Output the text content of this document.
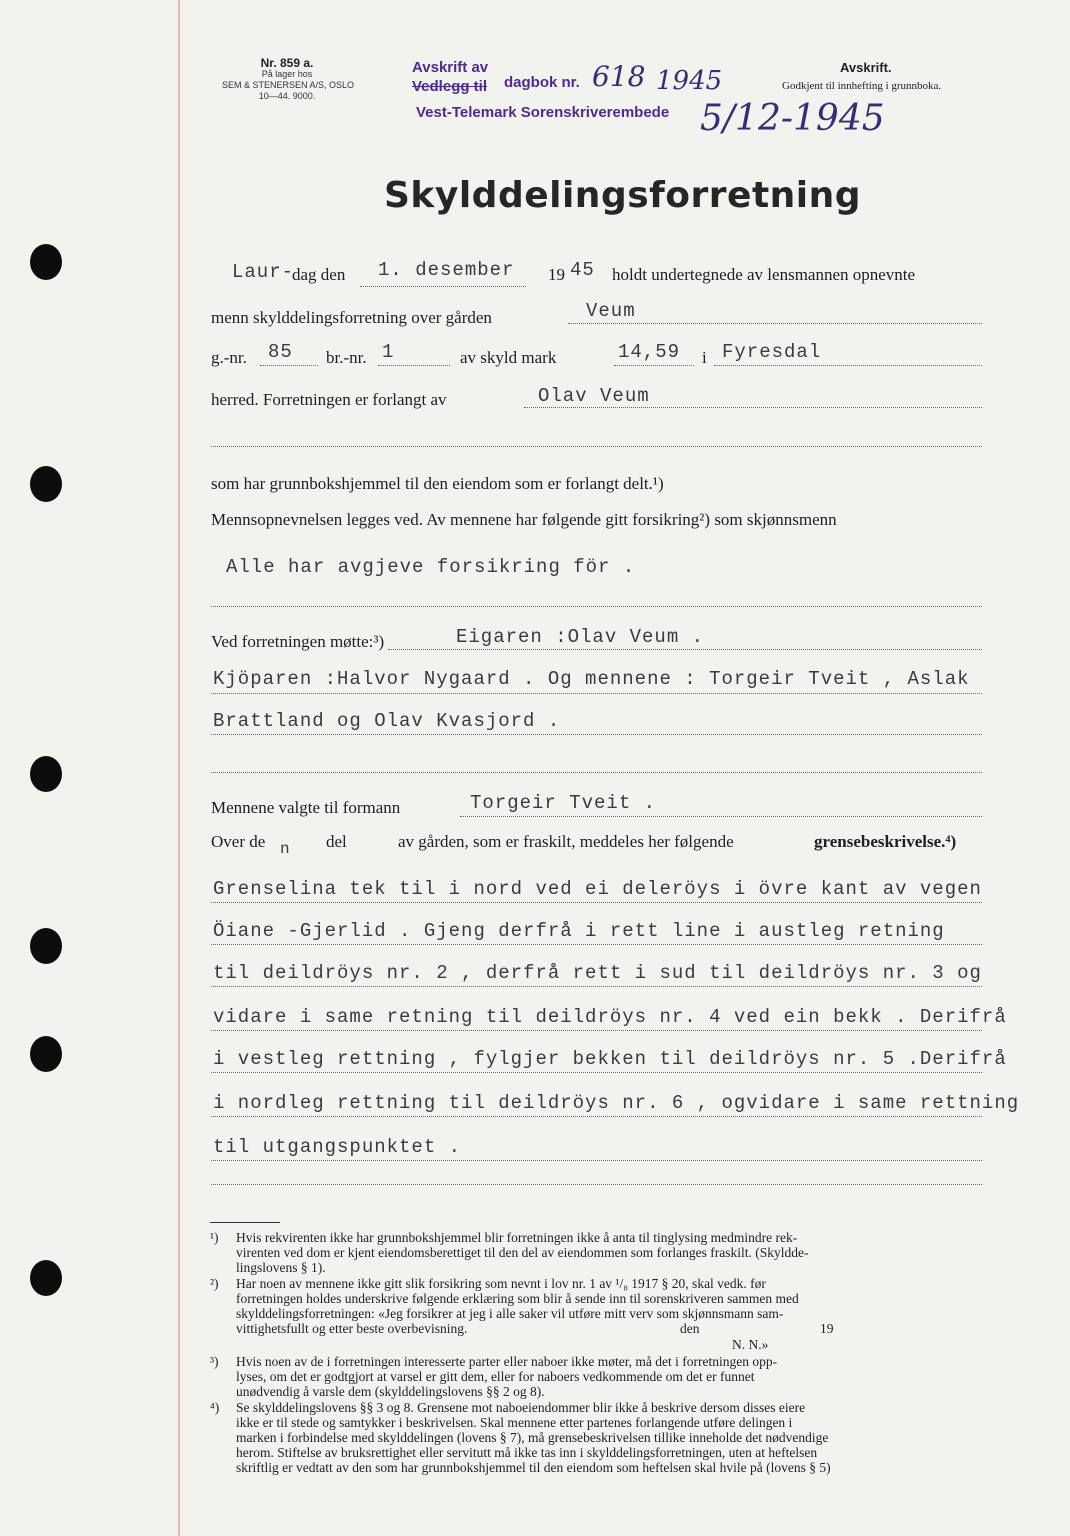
Nr. 859 a.
På lager hos
SEM & STENERSEN A/S, OSLO
10—44. 9000.
Avskrift av
Vedlegg til dagbok nr. 618 1945
Vest-Telemark Sorenskriverembede 5/12-1945
Avskrift.
Godkjent til innhefting i grunnboka.
Skylddelingsforretning
Laur-
dag den 1. desember 19 45 holdt undertegnede av lensmannen opnevnte
menn skylddelingsforretning over gården	Veum
g.-nr. 85 br.-nr. 1	av skyld mark	14,59 i Fyresdal
herred. Forretningen er forlangt av	Olav Veum
som har grunnbokshjemmel til den eiendom som er forlangt delt.¹)
Mennsopnevnelsen legges ved. Av mennene har følgende gitt forsikring²) som skjønnsmenn
Alle har avgjeve forsikring för .
Ved forretningen møtte:³)	Eigaren :Olav Veum .
Kjöparen :Halvor Nygaard . Og mennene : Torgeir Tveit , Aslak
Brattland og Olav Kvasjord .
Mennene valgte til formann	Torgeir Tveit .
Over de n del	av gården, som er fraskilt, meddeles her følgende	grensebeskrivelse.⁴)
Grenselina tek til i nord ved ei deleröys i övre kant av vegen
Öiane -Gjerlid . Gjeng derfrå i rett line i austleg retning
til deildröys nr. 2 , derfrå rett i sud til deildröys nr. 3 og
vidare i same retning til deildröys nr. 4 ved ein bekk . Derifrå
i vestleg rettning , fylgjer bekken til deildröys nr. 5 .Derifrå
i nordleg rettning til deildröys nr. 6 , ogvidare i same rettning
til utgangspunktet .
¹) Hvis rekvirenten ikke har grunnbokshjemmel blir forretningen ikke å anta til tinglysing medmindre rek-
virenten ved dom er kjent eiendomsberettiget til den del av eiendommen som forlanges fraskilt. (Skyldde-
lingslovens § 1).
²) Har noen av mennene ikke gitt slik forsikring som nevnt i lov nr. 1 av ¹/₈ 1917 § 20, skal vedk. før
forretningen holdes underskrive følgende erklæring som blir å sende inn til sorenskriveren sammen med
skylddelingsforretningen: «Jeg forsikrer at jeg i alle saker vil utføre mitt verv som skjønnsmann sam-
vittighetsfullt og etter beste overbevisning.	den	19
N. N.»
³) Hvis noen av de i forretningen interesserte parter eller naboer ikke møter, må det i forretningen opp-
lyses, om det er godtgjort at varsel er gitt dem, eller for naboers vedkommende om det er funnet
unødvendig å varsle dem (skylddelingslovens §§ 2 og 8).
⁴) Se skylddelingslovens §§ 3 og 8. Grensene mot naboeiendommer blir ikke å beskrive dersom disses eiere
ikke er til stede og samtykker i beskrivelsen. Skal mennene etter partenes forlangende utføre delingen i
marken i forbindelse med skylddelingen (lovens § 7), må grensebeskrivelsen tillike inneholde det nødvendige
herom. Stiftelse av bruksrettighet eller servitutt må ikke tas inn i skylddelingsforretningen, uten at heftelsen
skriftlig er vedtatt av den som har grunnbokshjemmel til den eiendom som heftelsen skal hvile på (lovens § 5)
